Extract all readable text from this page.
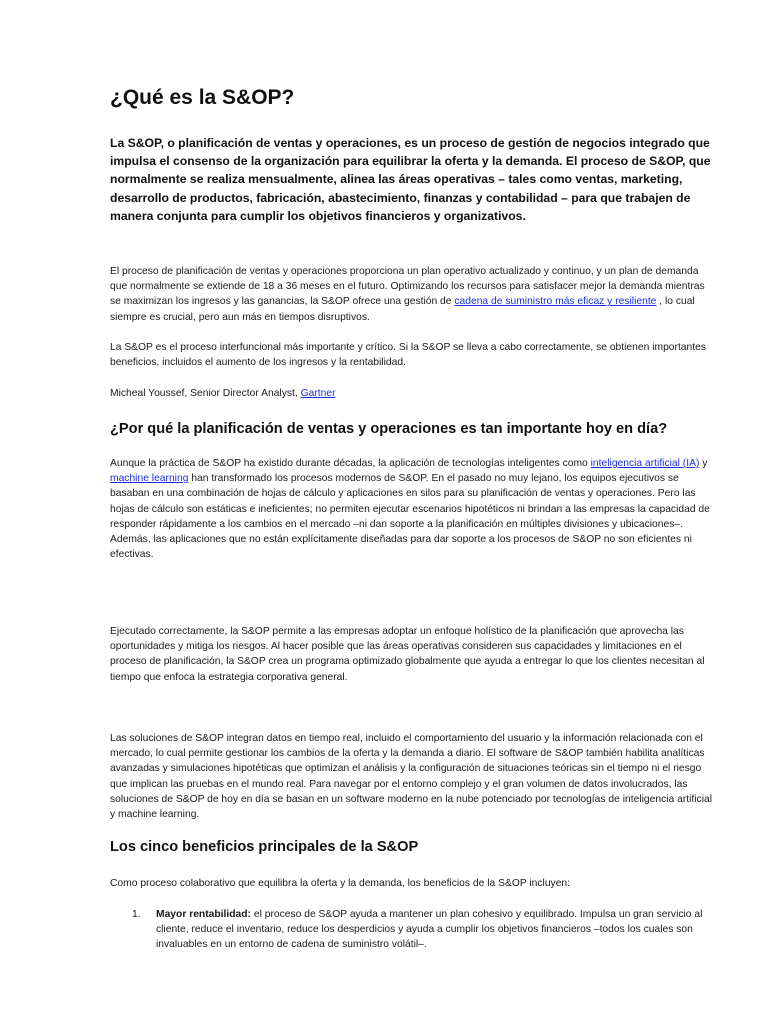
¿Qué es la S&OP?

La S&OP, o planificación de ventas y operaciones, es un proceso de gestión de negocios integrado que impulsa el consenso de la organización para equilibrar la oferta y la demanda. El proceso de S&OP, que normalmente se realiza mensualmente, alinea las áreas operativas – tales como ventas, marketing, desarrollo de productos, fabricación, abastecimiento, finanzas y contabilidad – para que trabajen de manera conjunta para cumplir los objetivos financieros y organizativos.

El proceso de planificación de ventas y operaciones proporciona un plan operativo actualizado y continuo, y un plan de demanda que normalmente se extiende de 18 a 36 meses en el futuro. Optimizando los recursos para satisfacer mejor la demanda mientras se maximizan los ingresos y las ganancias, la S&OP ofrece una gestión de cadena de suministro más eficaz y resiliente , lo cual siempre es crucial, pero aun más en tiempos disruptivos.

La S&OP es el proceso interfuncional más importante y crítico. Si la S&OP se lleva a cabo correctamente, se obtienen importantes beneficios, incluidos el aumento de los ingresos y la rentabilidad.

Micheal Youssef, Senior Director Analyst, Gartner

¿Por qué la planificación de ventas y operaciones es tan importante hoy en día?

Aunque la práctica de S&OP ha existido durante décadas, la aplicación de tecnologías inteligentes como inteligencia artificial (IA) y machine learning han transformado los procesos modernos de S&OP. En el pasado no muy lejano, los equipos ejecutivos se basaban en una combinación de hojas de cálculo y aplicaciones en silos para su planificación de ventas y operaciones. Pero las hojas de cálculo son estáticas e ineficientes; no permiten ejecutar escenarios hipotéticos ni brindan a las empresas la capacidad de responder rápidamente a los cambios en el mercado –ni dan soporte a la planificación en múltiples divisiones y ubicaciones–. Además, las aplicaciones que no están explícitamente diseñadas para dar soporte a los procesos de S&OP no son eficientes ni efectivas.

Ejecutado correctamente, la S&OP permite a las empresas adoptar un enfoque holístico de la planificación que aprovecha las oportunidades y mitiga los riesgos. Al hacer posible que las áreas operativas consideren sus capacidades y limitaciones en el proceso de planificación, la S&OP crea un programa optimizado globalmente que ayuda a entregar lo que los clientes necesitan al tiempo que enfoca la estrategia corporativa general.

Las soluciones de S&OP integran datos en tiempo real, incluido el comportamiento del usuario y la información relacionada con el mercado, lo cual permite gestionar los cambios de la oferta y la demanda a diario. El software de S&OP también habilita analíticas avanzadas y simulaciones hipotéticas que optimizan el análisis y la configuración de situaciones teóricas sin el tiempo ni el riesgo que implican las pruebas en el mundo real. Para navegar por el entorno complejo y el gran volumen de datos involucrados, las soluciones de S&OP de hoy en día se basan en un software moderno en la nube potenciado por tecnologías de inteligencia artificial y machine learning.

Los cinco beneficios principales de la S&OP

Como proceso colaborativo que equilibra la oferta y la demanda, los beneficios de la S&OP incluyen:

1.	Mayor rentabilidad: el proceso de S&OP ayuda a mantener un plan cohesivo y equilibrado. Impulsa un gran servicio al cliente, reduce el inventario, reduce los desperdicios y ayuda a cumplir los objetivos financieros –todos los cuales son invaluables en un entorno de cadena de suministro volátil–.
